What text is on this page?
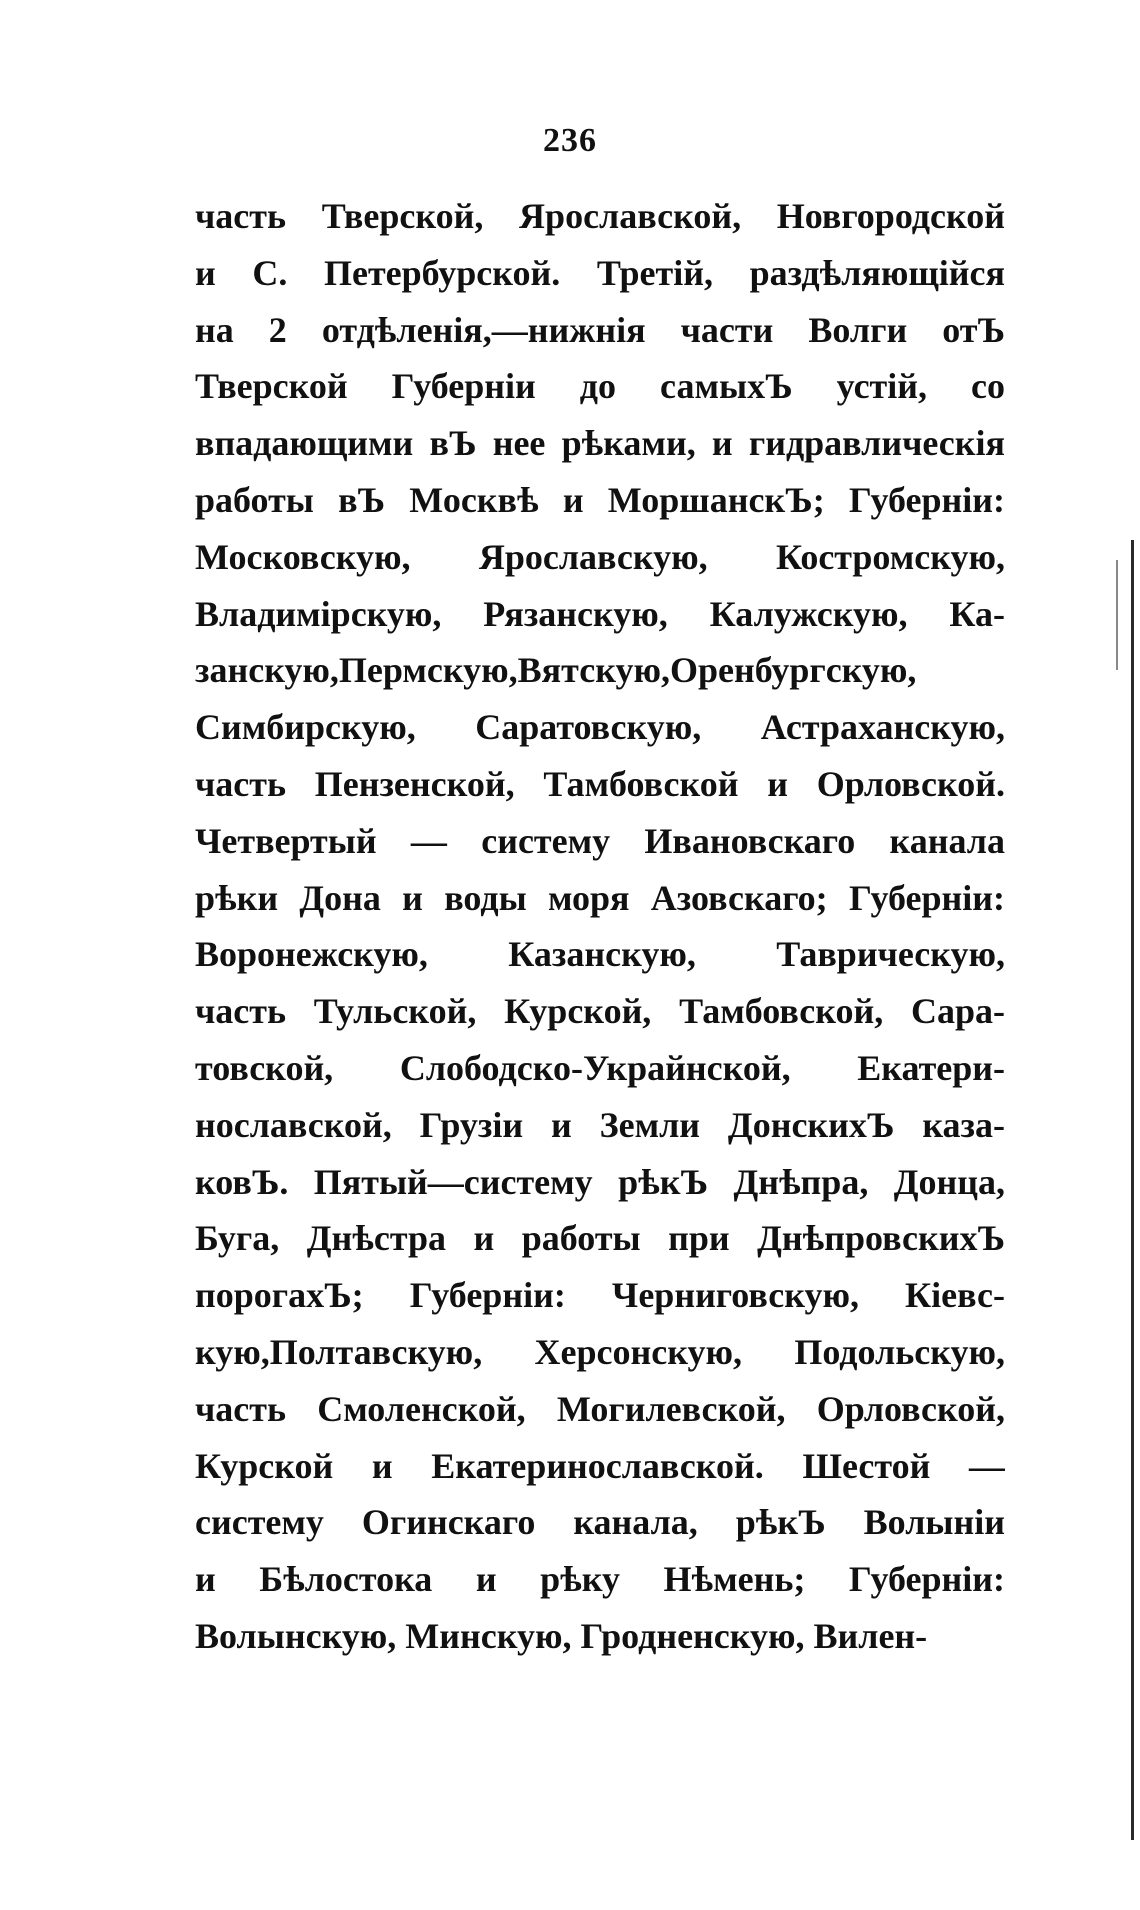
236
часть Тверской, Ярославской, Новгородской
и С. Петербурской. Третій, раздѣляющійся
на 2 отдѣленія,—нижнія части Волги отЪ
Тверской Губерніи до самыхЪ устій, со
впадающими вЪ нее рѣками, и гидравлическія
работы вЪ Москвѣ и МоршанскЪ; Губерніи:
Московскую, Ярославскую, Костромскую,
Владимірскую, Рязанскую, Калужскую, Ка-
занскую,Пермскую,Вятскую,Оренбургскую,
Симбирскую, Саратовскую, Астраханскую,
часть Пензенской, Тамбовской и Орловской.
Четвертый — систему Ивановскаго канала
рѣки Дона и воды моря Азовскаго; Губерніи:
Воронежскую, Казанскую, Таврическую,
часть Тульской, Курской, Тамбовской, Сара-
товской, Слободско-Украйнской, Екатери-
нославской, Грузіи и Земли ДонскихЪ каза-
ковЪ. Пятый—систему рѣкЪ Днѣпра, Донца,
Буга, Днѣстра и работы при ДнѣпровскихЪ
порогахЪ; Губерніи: Черниговскую, Кіевс-
кую,Полтавскую, Херсонскую, Подольскую,
часть Смоленской, Могилевской, Орловской,
Курской и Екатеринославской. Шестой —
систему Огинскаго канала, рѣкЪ Волыніи
и Бѣлостока и рѣку Нѣмень; Губерніи:
Волынскую, Минскую, Гродненскую, Вилен-
